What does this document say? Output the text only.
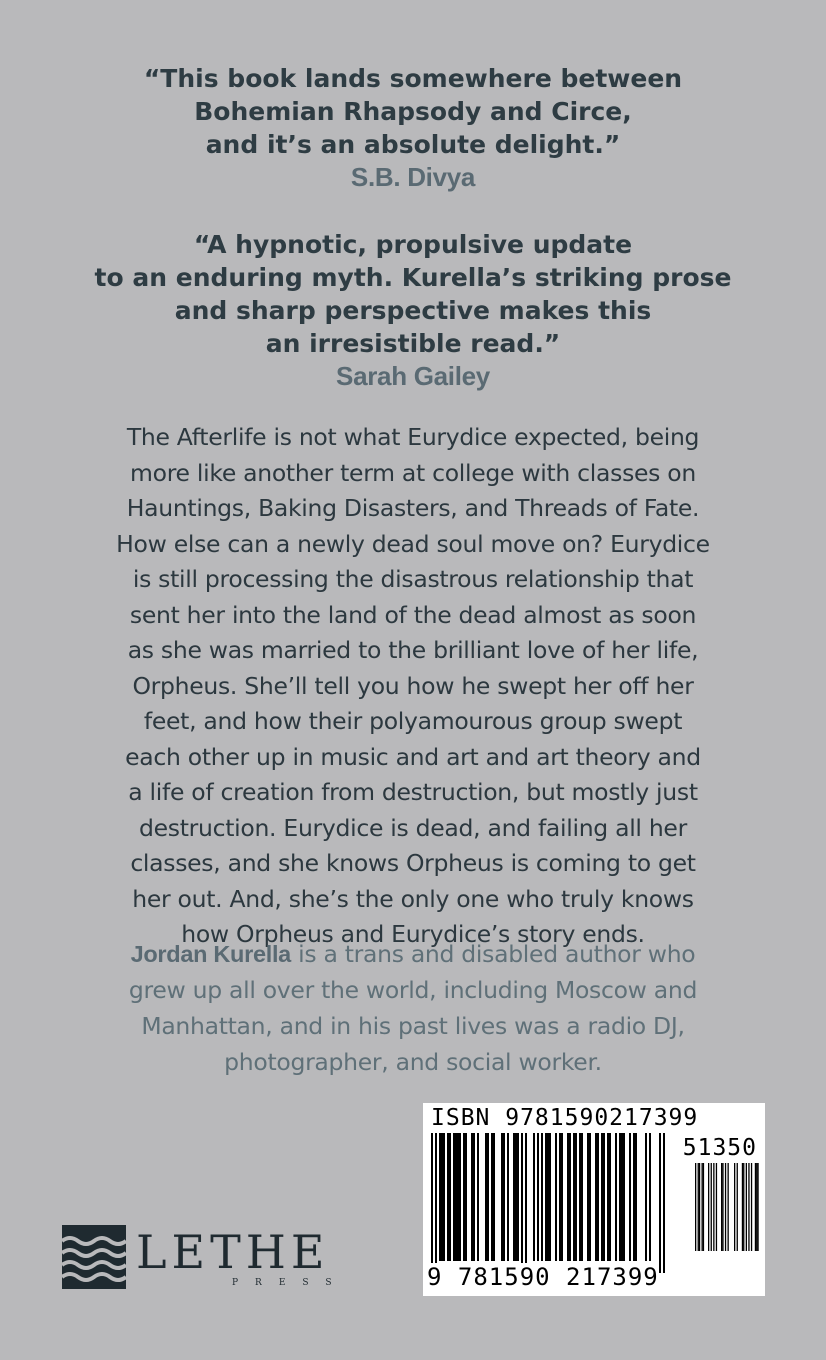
“This book lands somewhere between
Bohemian Rhapsody and Circe,
and it’s an absolute delight.”
S.B. Divya
“A hypnotic, propulsive update
to an enduring myth. Kurella’s striking prose
and sharp perspective makes this
an irresistible read.”
Sarah Gailey
The Afterlife is not what Eurydice expected, being
more like another term at college with classes on
Hauntings, Baking Disasters, and Threads of Fate.
How else can a newly dead soul move on? Eurydice
is still processing the disastrous relationship that
sent her into the land of the dead almost as soon
as she was married to the brilliant love of her life,
Orpheus. She’ll tell you how he swept her off her
feet, and how their polyamourous group swept
each other up in music and art and art theory and
a life of creation from destruction, but mostly just
destruction. Eurydice is dead, and failing all her
classes, and she knows Orpheus is coming to get
her out. And, she’s the only one who truly knows
how Orpheus and Eurydice’s story ends.
Jordan Kurella is a trans and disabled author who
grew up all over the world, including Moscow and
Manhattan, and in his past lives was a radio DJ,
photographer, and social worker.
ISBN 9781590217399
51350
9 781590 217399
LETHE
PRESS
